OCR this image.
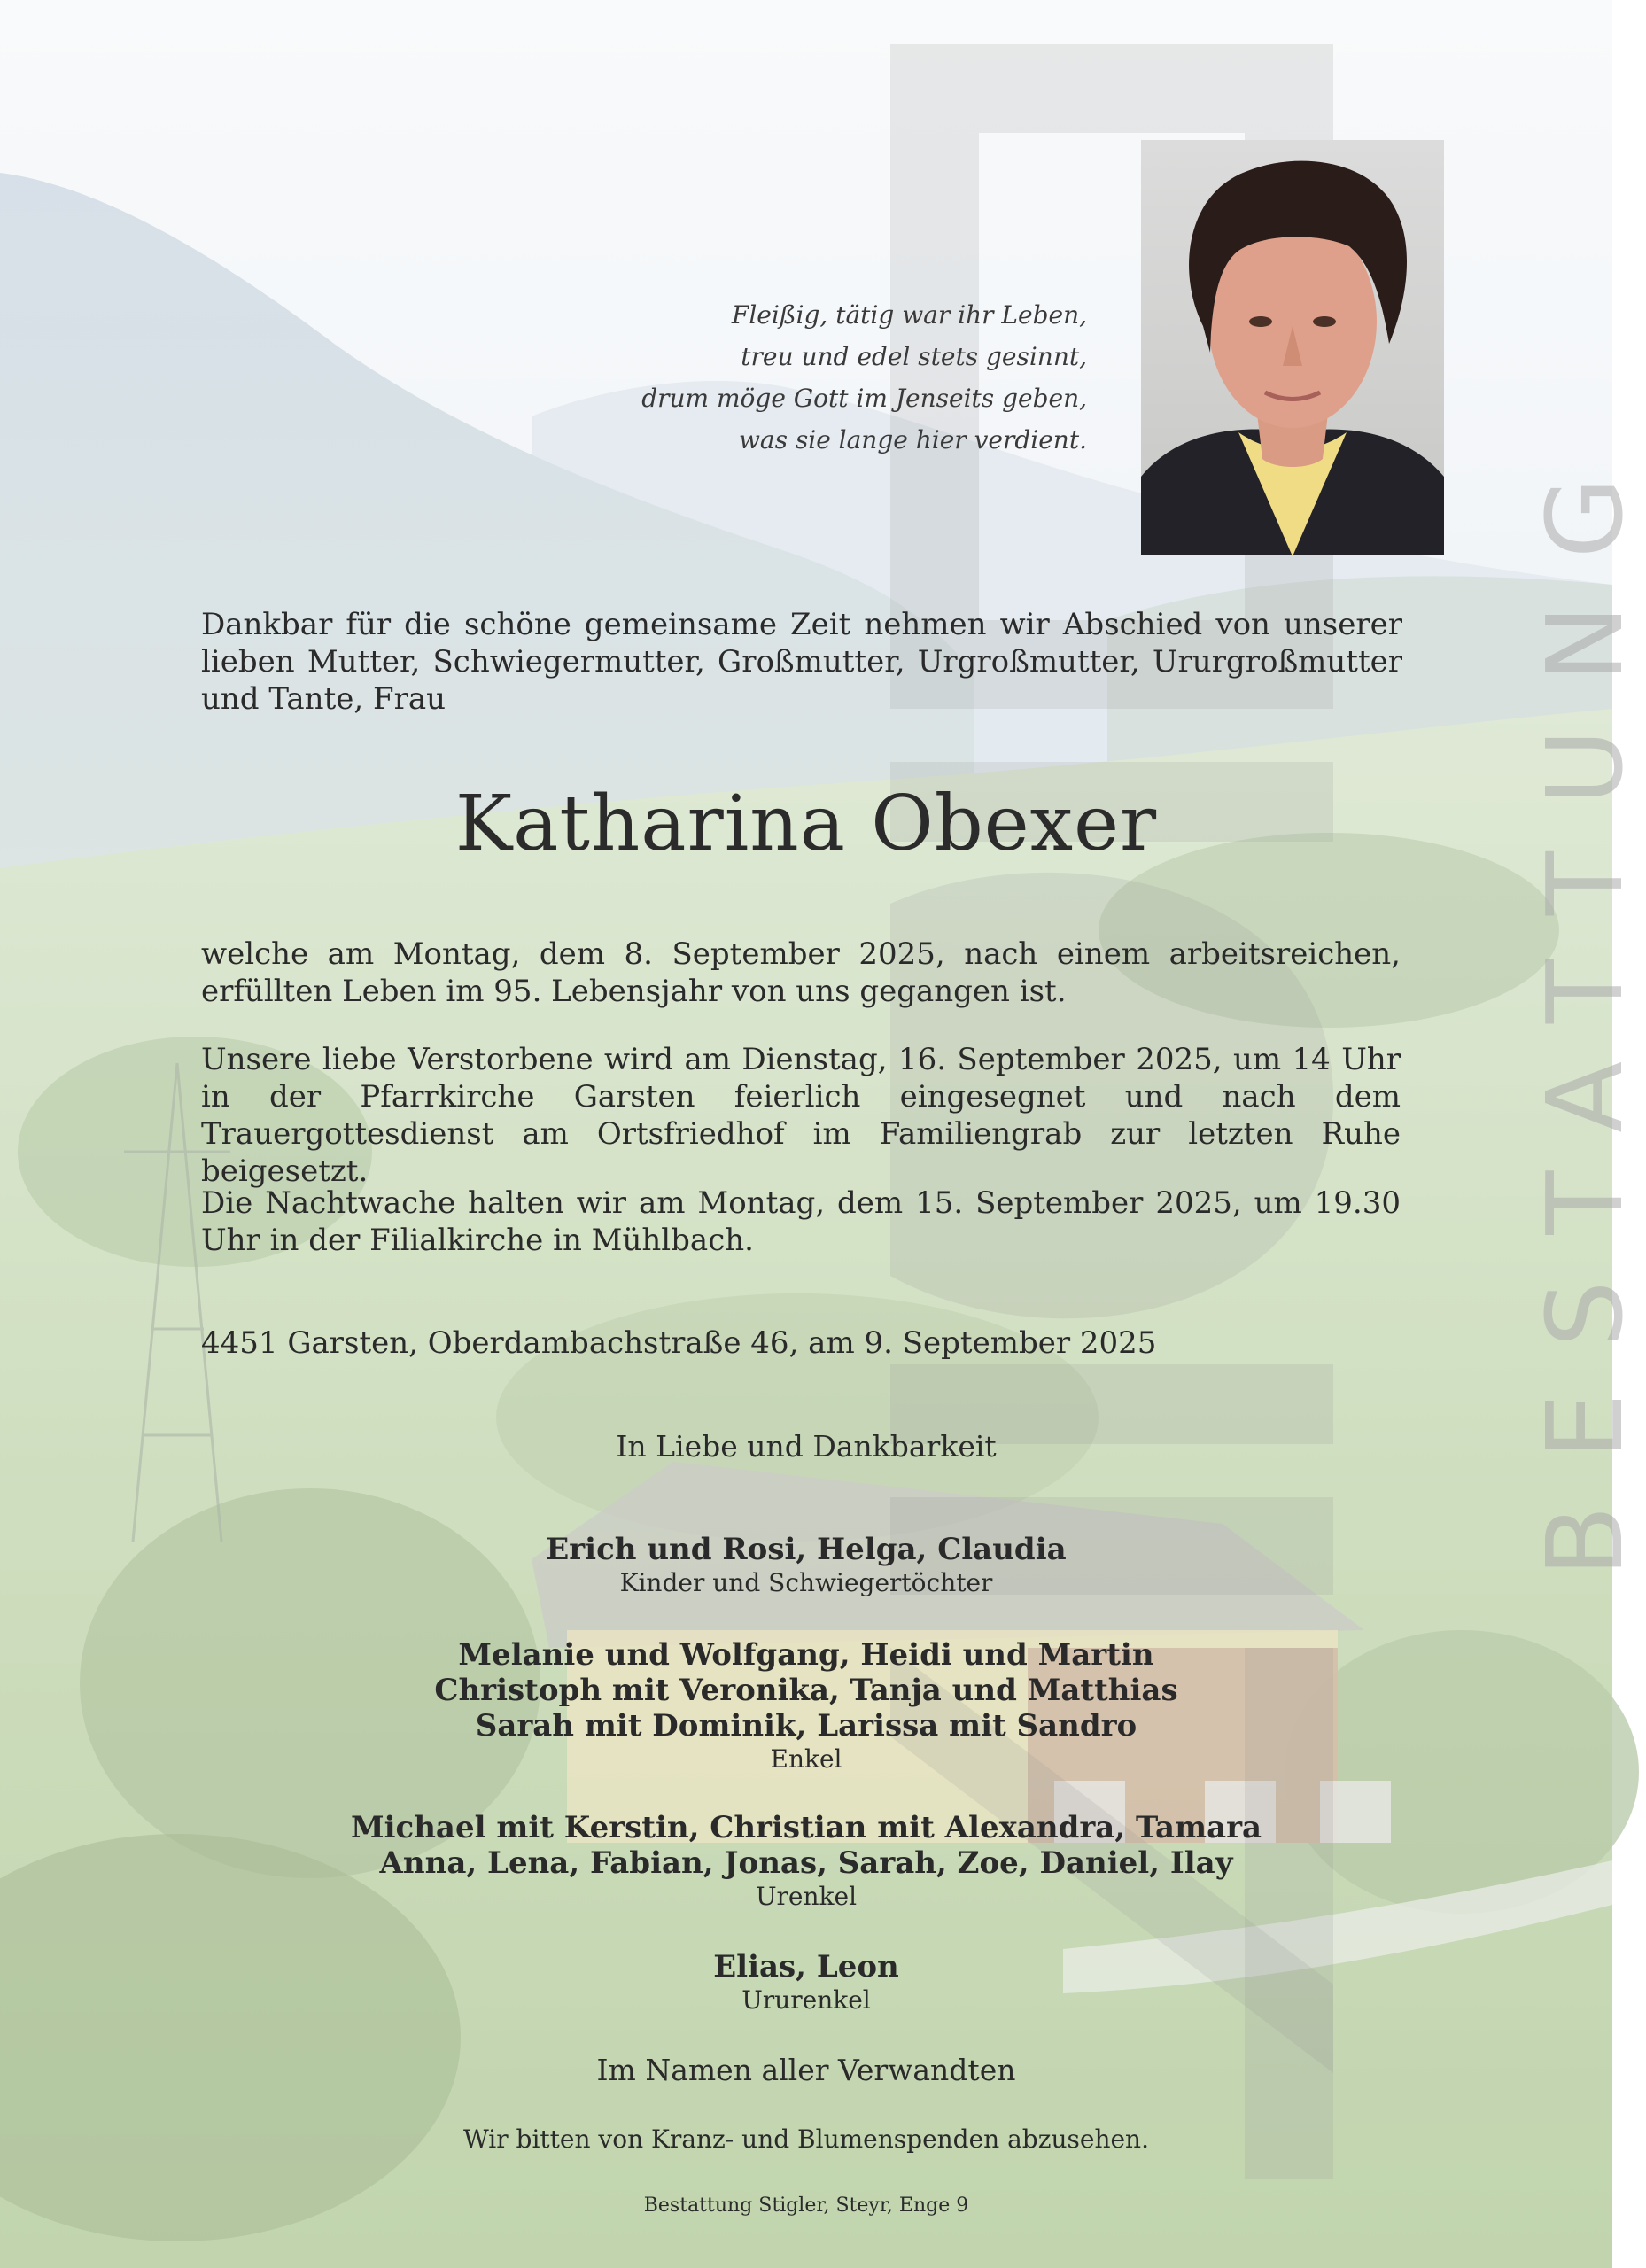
BESTATTUNG
Fleißig, tätig war ihr Leben,
treu und edel stets gesinnt,
drum möge Gott im Jenseits geben,
was sie lange hier verdient.
Dankbar für die schöne gemeinsame Zeit nehmen wir Abschied von unserer lieben Mutter, Schwiegermutter, Großmutter, Urgroßmutter, Ururgroßmutter und Tante, Frau
Katharina Obexer
welche am Montag, dem 8. September 2025, nach einem arbeitsreichen, erfüllten Leben im 95. Lebensjahr von uns gegangen ist.
Unsere liebe Verstorbene wird am Dienstag, 16. September 2025, um 14 Uhr in der Pfarrkirche Garsten feierlich eingesegnet und nach dem Trauergottesdienst am Ortsfriedhof im Familiengrab zur letzten Ruhe beigesetzt.
Die Nachtwache halten wir am Montag, dem 15. September 2025, um 19.30 Uhr in der Filialkirche in Mühlbach.
4451 Garsten, Oberdambachstraße 46, am 9. September 2025
In Liebe und Dankbarkeit
Erich und Rosi, Helga, Claudia
Kinder und Schwiegertöchter
Melanie und Wolfgang, Heidi und Martin
Christoph mit Veronika, Tanja und Matthias
Sarah mit Dominik, Larissa mit Sandro
Enkel
Michael mit Kerstin, Christian mit Alexandra, Tamara
Anna, Lena, Fabian, Jonas, Sarah, Zoe, Daniel, Ilay
Urenkel
Elias, Leon
Ururenkel
Im Namen aller Verwandten
Wir bitten von Kranz- und Blumenspenden abzusehen.
Bestattung Stigler, Steyr, Enge 9
